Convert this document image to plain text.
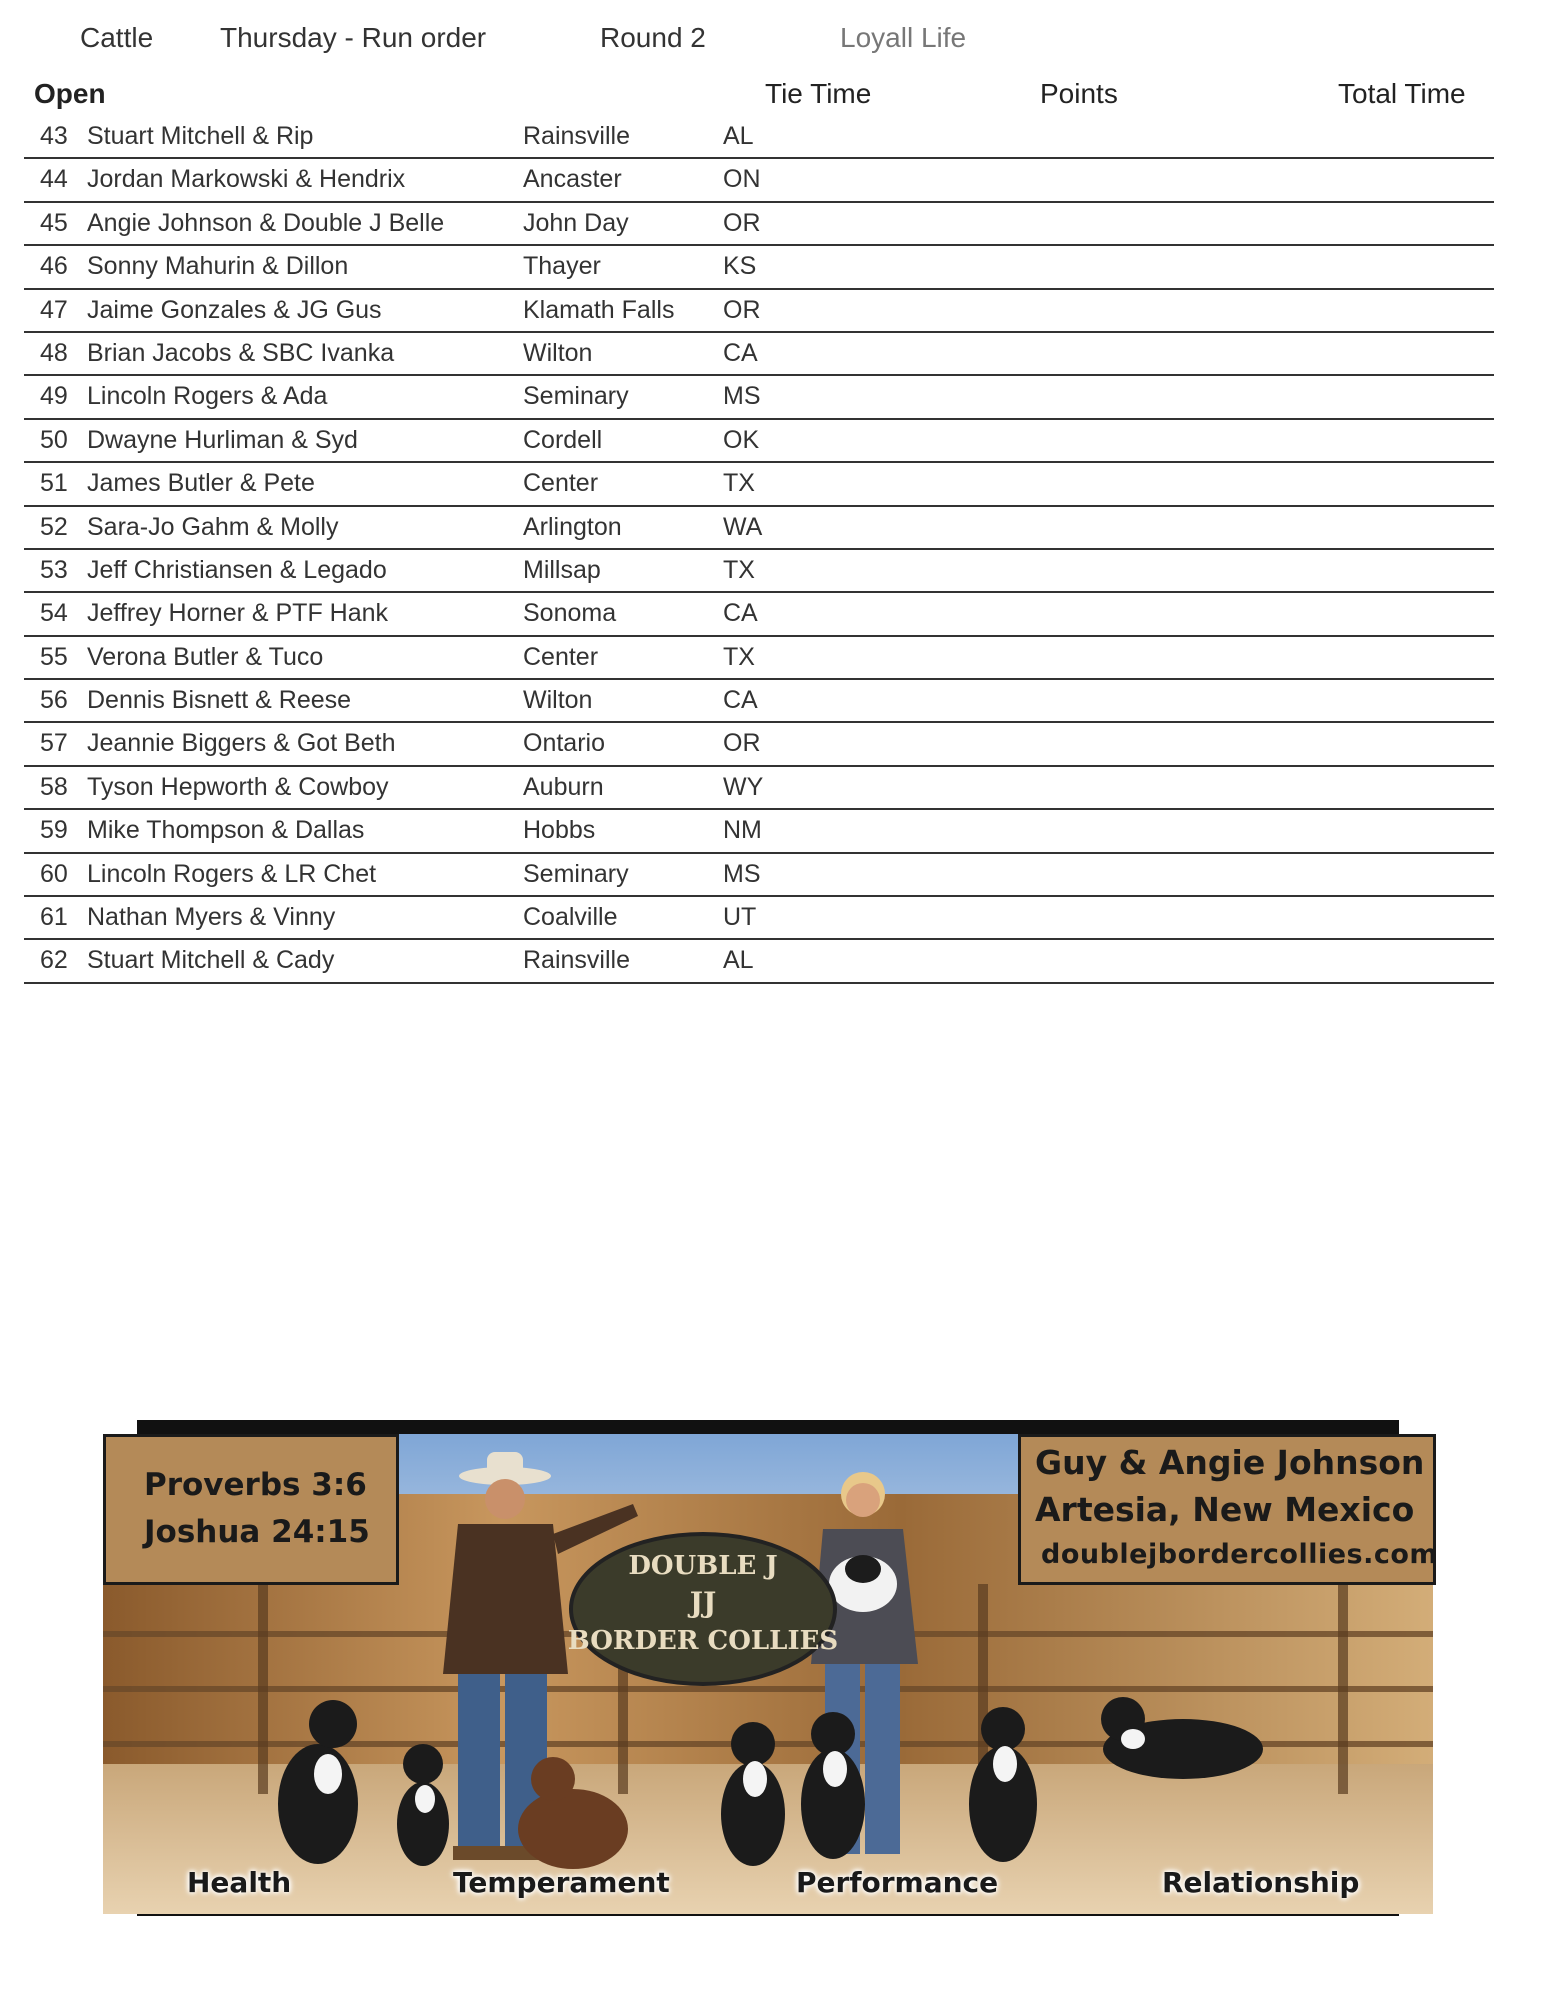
Cattle Thursday - Run order	Round 2	Loyall Life
Open	Tie Time	Points	Total Time
43 Stuart Mitchell & Rip	Rainsville	AL
44 Jordan Markowski & Hendrix	Ancaster	ON
45 Angie Johnson & Double J Belle	John Day	OR
46 Sonny Mahurin & Dillon	Thayer	KS
47 Jaime Gonzales & JG Gus	Klamath Falls OR
48 Brian Jacobs & SBC Ivanka	Wilton	CA
49 Lincoln Rogers & Ada	Seminary	MS
50 Dwayne Hurliman & Syd	Cordell	OK
51 James Butler & Pete	Center	TX
52 Sara-Jo Gahm & Molly	Arlington	WA
53 Jeff Christiansen & Legado	Millsap	TX
54 Jeffrey Horner & PTF Hank	Sonoma	CA
55 Verona Butler & Tuco	Center	TX
56 Dennis Bisnett & Reese	Wilton	CA
57 Jeannie Biggers & Got Beth	Ontario	OR
58 Tyson Hepworth & Cowboy	Auburn	WY
59 Mike Thompson & Dallas	Hobbs	NM
60 Lincoln Rogers & LR Chet	Seminary	MS
61 Nathan Myers & Vinny	Coalville	UT
62 Stuart Mitchell & Cady	Rainsville	AL
DOUBLE J
JJ
BORDER COLLIES
Proverbs 3:6
Joshua 24:15
Guy & Angie Johnson
Artesia, New Mexico
doublejbordercollies.com
Health	Temperament	Performance	Relationship
